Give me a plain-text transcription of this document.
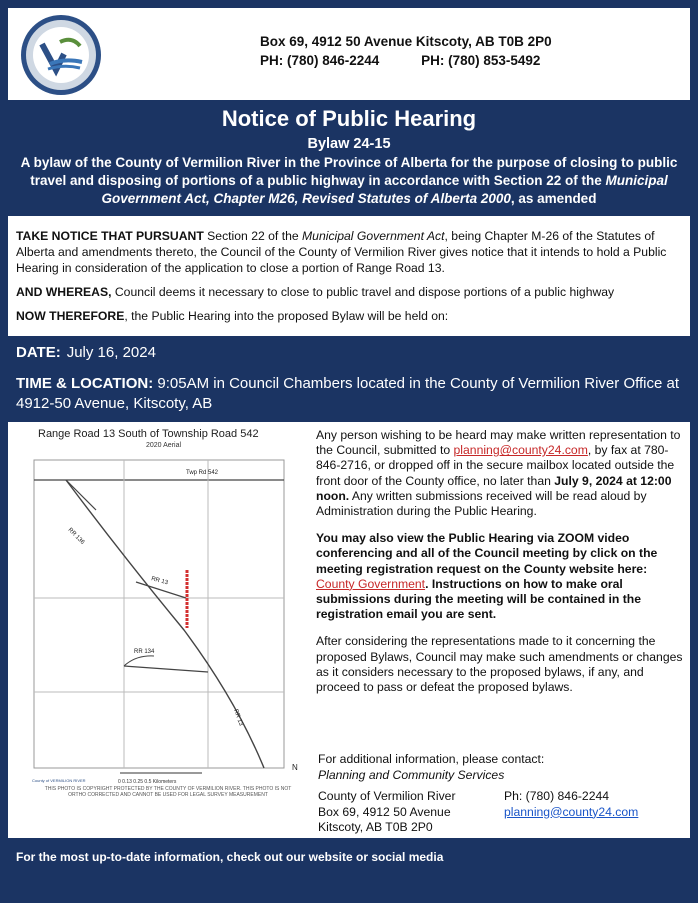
Box 69, 4912 50 Avenue Kitscoty, AB T0B 2P0
PH: (780) 846-2244	PH: (780) 853-5492
Notice of Public Hearing
Bylaw 24-15
A bylaw of the County of Vermilion River in the Province of Alberta for the purpose of closing to public travel and disposing of portions of a public highway in accordance with Section 22 of the Municipal Government Act, Chapter M26, Revised Statutes of Alberta 2000, as amended

TAKE NOTICE THAT PURSUANT Section 22 of the Municipal Government Act, being Chapter M-26 of the Statutes of Alberta and amendments thereto, the Council of the County of Vermilion River gives notice that it intends to hold a Public Hearing in consideration of the application to close a portion of Range Road 13.

AND WHEREAS, Council deems it necessary to close to public travel and dispose portions of a public highway

NOW THEREFORE, the Public Hearing into the proposed Bylaw will be held on:

DATE: July 16, 2024
TIME & LOCATION: 9:05AM in Council Chambers located in the County of Vermilion River Office at 4912-50 Avenue, Kitscoty, AB
Range Road 13 South of Township Road 542
2020 Aerial
Twp Rd 542
RR 136
RR 13
RR 134
RR 13
0 0.13 0.25 0.5 Kilometers
N
County of VERMILION RIVER
THIS PHOTO IS COPYRIGHT PROTECTED BY THE COUNTY OF VERMILION RIVER. THIS PHOTO IS NOT ORTHO CORRECTED AND CANNOT BE USED FOR LEGAL SURVEY MEASUREMENT

Any person wishing to be heard may make written representation to the Council, submitted to planning@county24.com, by fax at 780-846-2716, or dropped off in the secure mailbox located outside the front door of the County office, no later than July 9, 2024 at 12:00 noon. Any written submissions received will be read aloud by Administration during the Public Hearing.

You may also view the Public Hearing via ZOOM video conferencing and all of the Council meeting by click on the meeting registration request on the County website here: County Government. Instructions on how to make oral submissions during the meeting will be contained in the registration email you are sent.

After considering the representations made to it concerning the proposed Bylaws, Council may make such amendments or changes as it considers necessary to the proposed bylaws, if any, and proceed to pass or defeat the proposed bylaws.

For additional information, please contact:
Planning and Community Services
County of Vermilion River
Box 69, 4912 50 Avenue
Kitscoty, AB T0B 2P0
Ph: (780) 846-2244
planning@county24.com
For the most up-to-date information, check out our website or social media
